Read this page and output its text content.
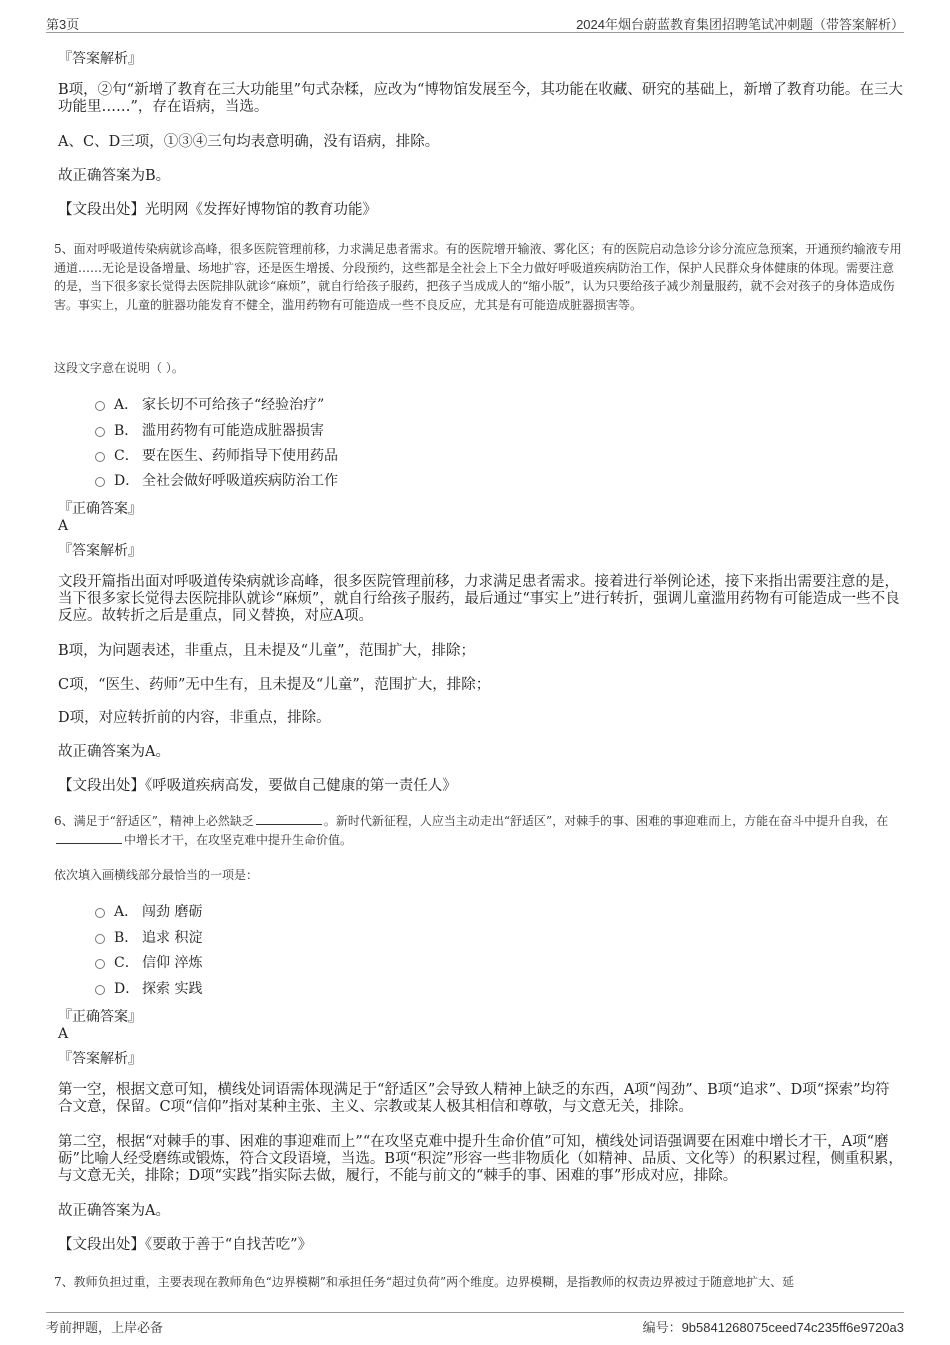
第3页	2024年烟台蔚蓝教育集团招聘笔试冲刺题（带答案解析）
『答案解析』
B项，②句“新增了教育在三大功能里”句式杂糅，应改为“博物馆发展至今，其功能在收藏、研究的基础上，新增了教育功能。在三大功能里……”，存在语病，当选。
A、C、D三项，①③④三句均表意明确，没有语病，排除。
故正确答案为B。
【文段出处】光明网《发挥好博物馆的教育功能》
5、面对呼吸道传染病就诊高峰，很多医院管理前移，力求满足患者需求。有的医院增开输液、雾化区；有的医院启动急诊分诊分流应急预案，开通预约输液专用通道……无论是设备增量、场地扩容，还是医生增援、分段预约，这些都是全社会上下全力做好呼吸道疾病防治工作，保护人民群众身体健康的体现。需要注意的是，当下很多家长觉得去医院排队就诊“麻烦”，就自行给孩子服药，把孩子当成成人的“缩小版”，认为只要给孩子减少剂量服药，就不会对孩子的身体造成伤害。事实上，儿童的脏器功能发育不健全，滥用药物有可能造成一些不良反应，尤其是有可能造成脏器损害等。
这段文字意在说明（ ）。
A． 家长切不可给孩子“经验治疗”
B． 滥用药物有可能造成脏器损害
C． 要在医生、药师指导下使用药品
D． 全社会做好呼吸道疾病防治工作
『正确答案』
A
『答案解析』
文段开篇指出面对呼吸道传染病就诊高峰，很多医院管理前移，力求满足患者需求。接着进行举例论述，接下来指出需要注意的是，当下很多家长觉得去医院排队就诊“麻烦”，就自行给孩子服药，最后通过“事实上”进行转折，强调儿童滥用药物有可能造成一些不良反应。故转折之后是重点，同义替换，对应A项。
B项，为问题表述，非重点，且未提及“儿童”，范围扩大，排除；
C项，“医生、药师”无中生有，且未提及“儿童”，范围扩大，排除；
D项，对应转折前的内容，非重点，排除。
故正确答案为A。
【文段出处】《呼吸道疾病高发，要做自己健康的第一责任人》
6、满足于“舒适区”，精神上必然缺乏	。新时代新征程，人应当主动走出“舒适区”，对棘手的事、困难的事迎难而上，方能在奋斗中提升自我，在中增长才干，在攻坚克难中提升生命价值。
依次填入画横线部分最恰当的一项是：
A． 闯劲 磨砺
B． 追求 积淀
C． 信仰 淬炼
D． 探索 实践
『正确答案』
A
『答案解析』
第一空，根据文意可知，横线处词语需体现满足于“舒适区”会导致人精神上缺乏的东西，A项“闯劲”、B项“追求”、D项“探索”均符合文意，保留。C项“信仰”指对某种主张、主义、宗教或某人极其相信和尊敬，与文意无关，排除。
第二空，根据“对棘手的事、困难的事迎难而上”“在攻坚克难中提升生命价值”可知，横线处词语强调要在困难中增长才干，A项“磨砺”比喻人经受磨练或锻炼，符合文段语境，当选。B项“积淀”形容一些非物质化（如精神、品质、文化等）的积累过程，侧重积累，与文意无关，排除；D项“实践”指实际去做，履行，不能与前文的“棘手的事、困难的事”形成对应，排除。
故正确答案为A。
【文段出处】《要敢于善于“自找苦吃”》
7、教师负担过重，主要表现在教师角色“边界模糊”和承担任务“超过负荷”两个维度。边界模糊，是指教师的权责边界被过于随意地扩大、延
考前押题，上岸必备	编号：9b5841268075ceed74c235ff6e9720a3
